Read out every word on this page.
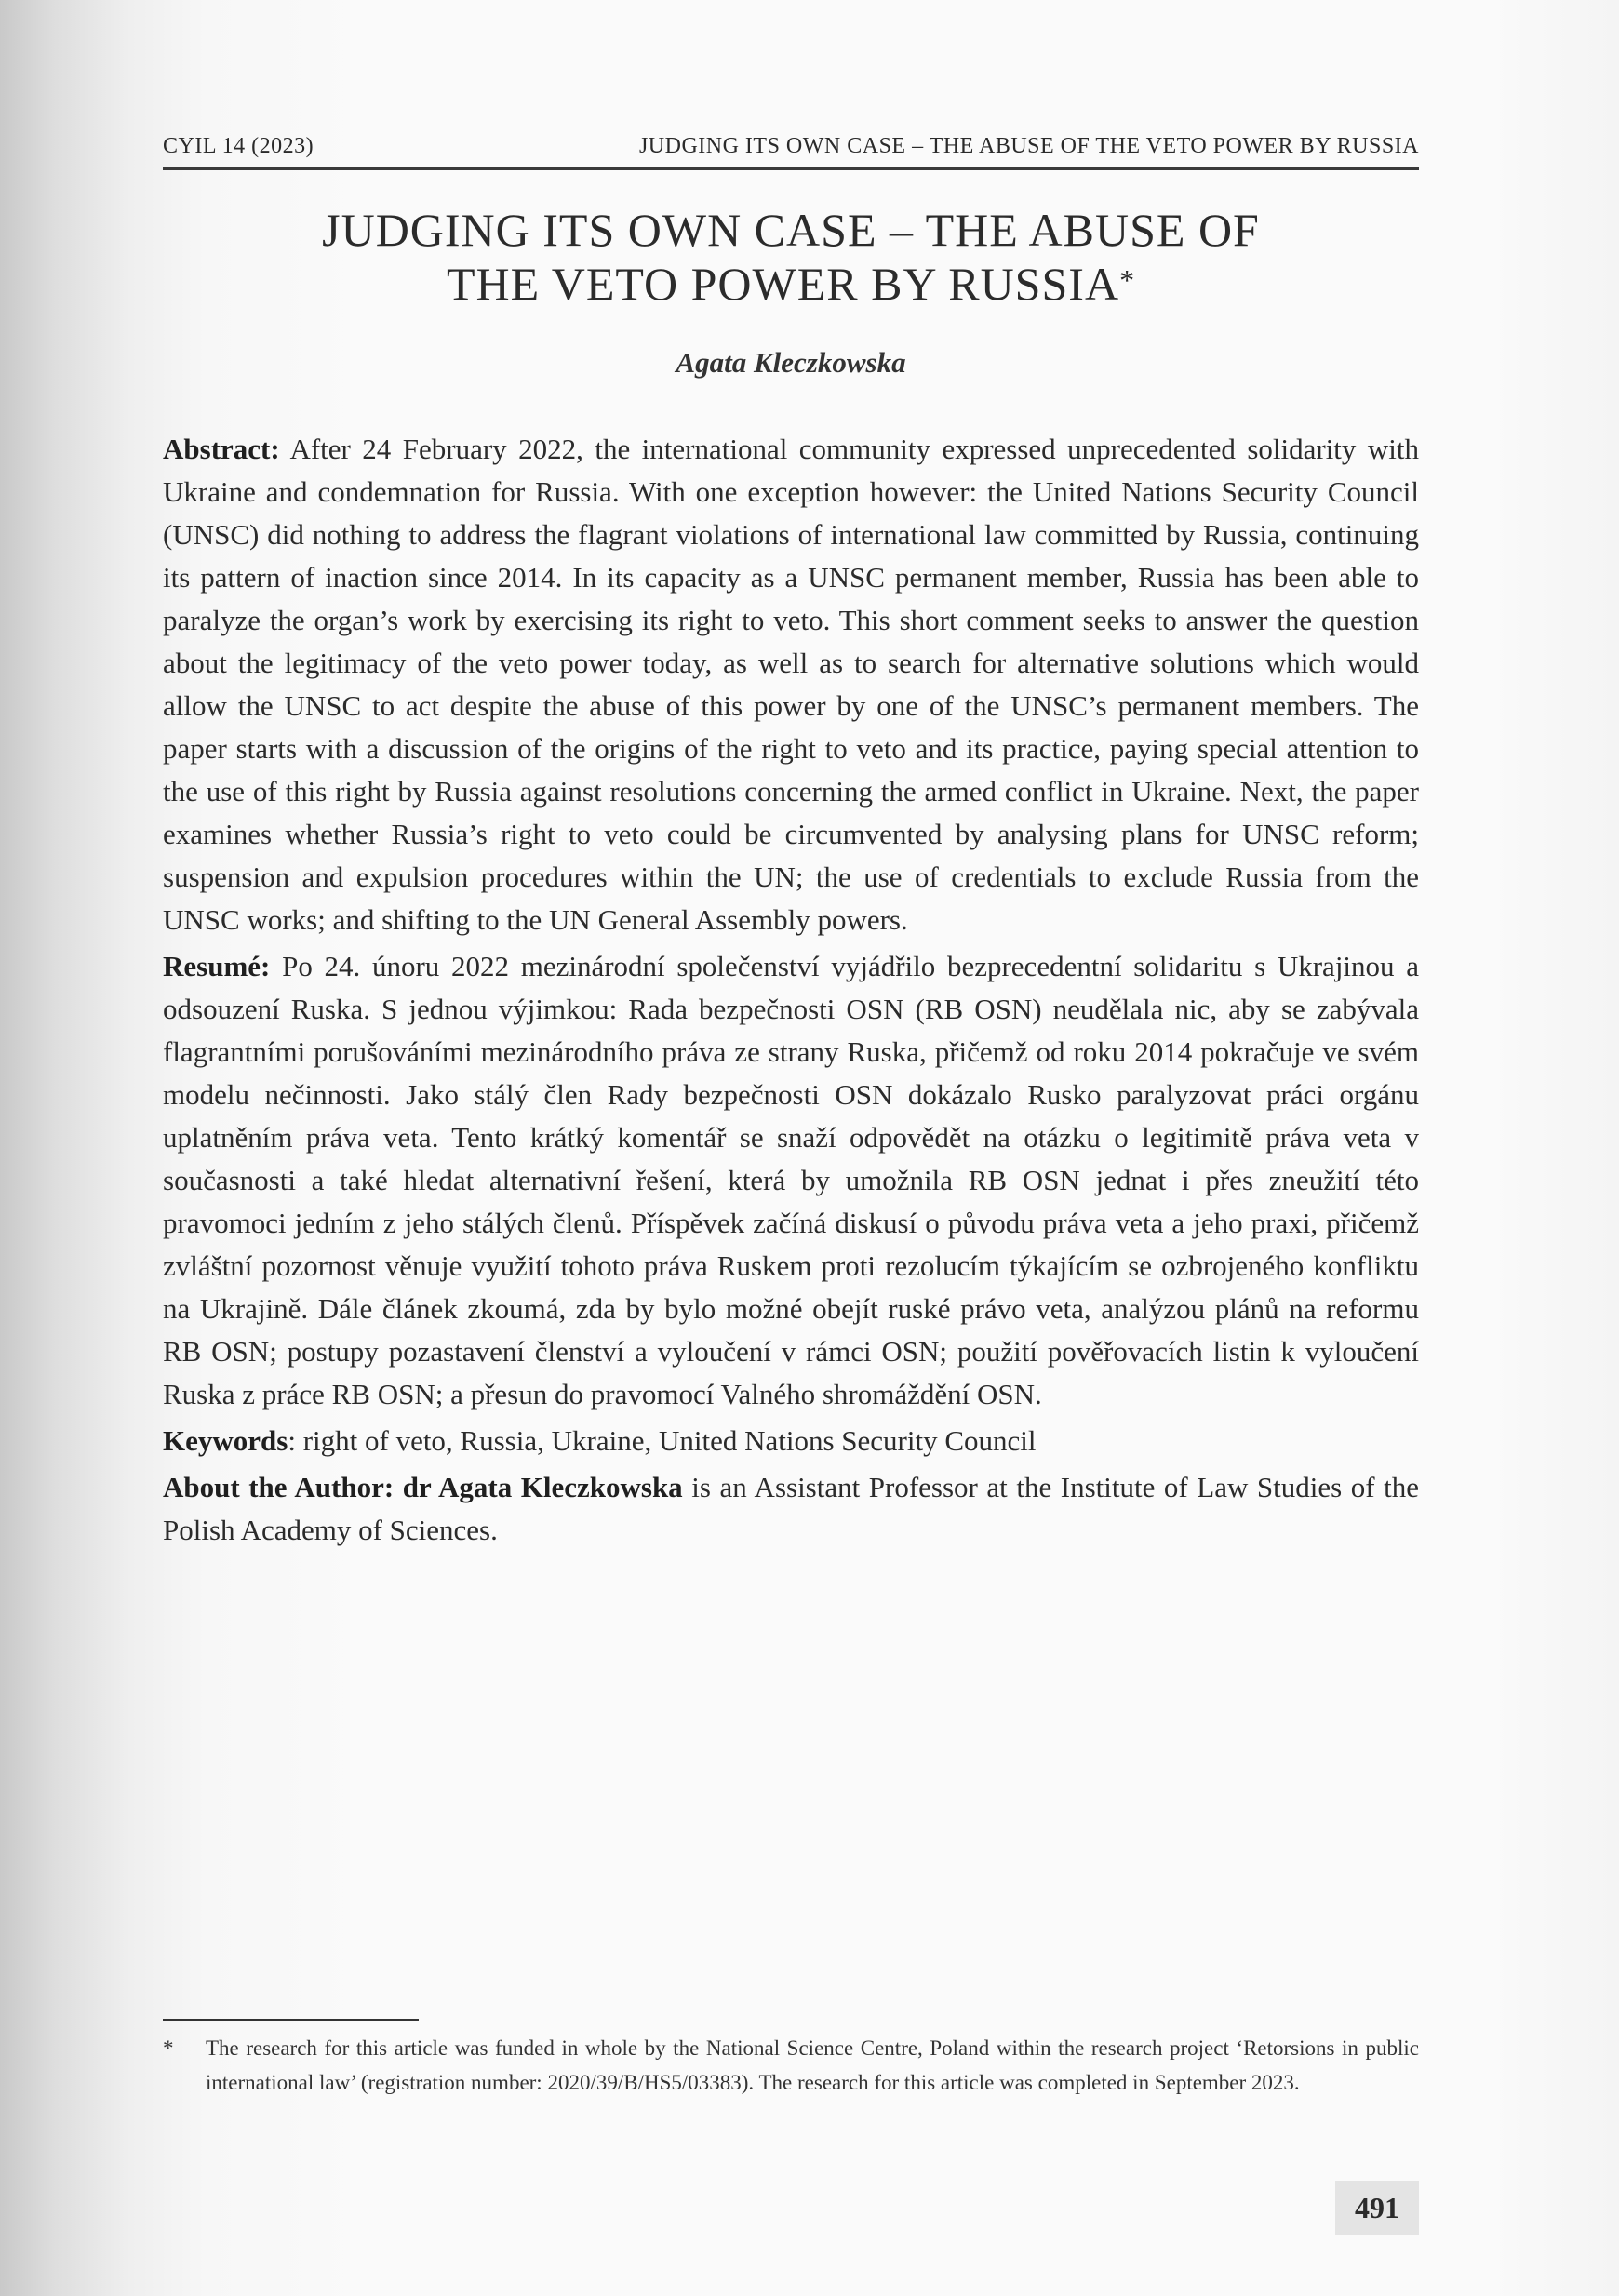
CYIL 14 (2023)	JUDGING ITS OWN CASE – THE ABUSE OF THE VETO POWER BY RUSSIA
JUDGING ITS OWN CASE – THE ABUSE OF
THE VETO POWER BY RUSSIA*
Agata Kleczkowska

Abstract: After 24 February 2022, the international community expressed unprecedented solidarity with Ukraine and condemnation for Russia. With one exception however: the United Nations Security Council (UNSC) did nothing to address the flagrant violations of international law committed by Russia, continuing its pattern of inaction since 2014. In its capacity as a UNSC permanent member, Russia has been able to paralyze the organ’s work by exercising its right to veto. This short comment seeks to answer the question about the legitimacy of the veto power today, as well as to search for alternative solutions which would allow the UNSC to act despite the abuse of this power by one of the UNSC’s permanent members. The paper starts with a discussion of the origins of the right to veto and its practice, paying special attention to the use of this right by Russia against resolutions concerning the armed conflict in Ukraine. Next, the paper examines whether Russia’s right to veto could be circumvented by analysing plans for UNSC reform; suspension and expulsion procedures within the UN; the use of credentials to exclude Russia from the UNSC works; and shifting to the UN General Assembly powers.

Resumé: Po 24. únoru 2022 mezinárodní společenství vyjádřilo bezprecedentní solidaritu s Ukrajinou a odsouzení Ruska. S jednou výjimkou: Rada bezpečnosti OSN (RB OSN) neudělala nic, aby se zabývala flagrantními porušováními mezinárodního práva ze strany Ruska, přičemž od roku 2014 pokračuje ve svém modelu nečinnosti. Jako stálý člen Rady bezpečnosti OSN dokázalo Rusko paralyzovat práci orgánu uplatněním práva veta. Tento krátký komentář se snaží odpovědět na otázku o legitimitě práva veta v současnosti a také hledat alternativní řešení, která by umožnila RB OSN jednat i přes zneužití této pravomoci jedním z jeho stálých členů. Příspěvek začíná diskusí o původu práva veta a jeho praxi, přičemž zvláštní pozornost věnuje využití tohoto práva Ruskem proti rezolucím týkajícím se ozbrojeného konfliktu na Ukrajině. Dále článek zkoumá, zda by bylo možné obejít ruské právo veta, analýzou plánů na reformu RB OSN; postupy pozastavení členství a vyloučení v rámci OSN; použití pověřovacích listin k vyloučení Ruska z práce RB OSN; a přesun do pravomocí Valného shromáždění OSN.

Keywords: right of veto, Russia, Ukraine, United Nations Security Council

About the Author: dr Agata Kleczkowska is an Assistant Professor at the Institute of Law Studies of the Polish Academy of Sciences.

* The research for this article was funded in whole by the National Science Centre, Poland within the research project ‘Retorsions in public international law’ (registration number: 2020/39/B/HS5/03383). The research for this article was completed in September 2023.
491
